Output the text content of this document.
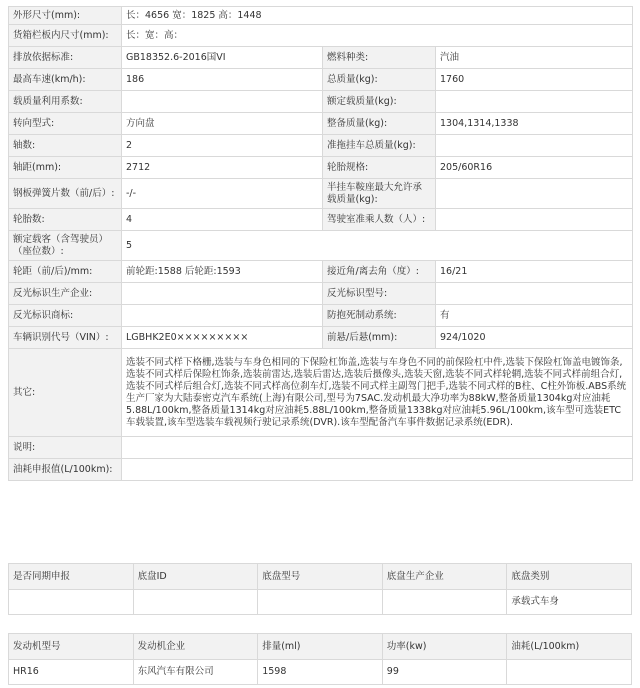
外形尺寸(mm):	长：4656 宽：1825 高：1448		
货箱栏板内尺寸(mm):	长：宽：高：		
排放依据标准:	GB18352.6-2016国VI	燃料种类:	汽油
最高车速(km/h):	186	总质量(kg):	1760
载质量利用系数:		额定载质量(kg):	
转向型式:	方向盘	整备质量(kg):	1304,1314,1338
轴数:	2	准拖挂车总质量(kg):	
轴距(mm):	2712	轮胎规格:	205/60R16
钢板弹簧片数（前/后）:	-/-	半挂车鞍座最大允许承载质量(kg):	
轮胎数:	4	驾驶室准乘人数（人）:	
额定载客（含驾驶员）（座位数）:	5		
轮距（前/后)/mm:	前轮距:1588 后轮距:1593	接近角/离去角（度）:	16/21
反光标识生产企业:		反光标识型号:	
反光标识商标:		防抱死制动系统:	有
车辆识别代号（VIN）:	LGBHK2E0×××××××××	前悬/后悬(mm):	924/1020
其它:	选装不同式样下格栅,选装与车身色相同的下保险杠饰盖,选装与车身色不同的前保险杠中件,选装下保险杠饰盖电镀饰条,选装不同式样后保险杠饰条,选装前雷达,选装后雷达,选装后摄像头,选装天窗,选装不同式样轮辋,选装不同式样前组合灯,选装不同式样后组合灯,选装不同式样高位刹车灯,选装不同式样主副驾门把手,选装不同式样的B柱、C柱外饰板.ABS系统生产厂家为大陆泰密克汽车系统(上海)有限公司,型号为7SAC.发动机最大净功率为88kW,整备质量1304kg对应油耗5.88L/100km,整备质量1314kg对应油耗5.88L/100km,整备质量1338kg对应油耗5.96L/100km,该车型可选装ETC车载装置,该车型选装车载视频行驶记录系统(DVR).该车型配备汽车事件数据记录系统(EDR).		
说明:			
油耗申报值(L/100km):			
是否同期申报	底盘ID	底盘型号	底盘生产企业	底盘类别
				承载式车身
发动机型号	发动机企业	排量(ml)	功率(kw)	油耗(L/100km)
HR16	东风汽车有限公司	1598	99	
